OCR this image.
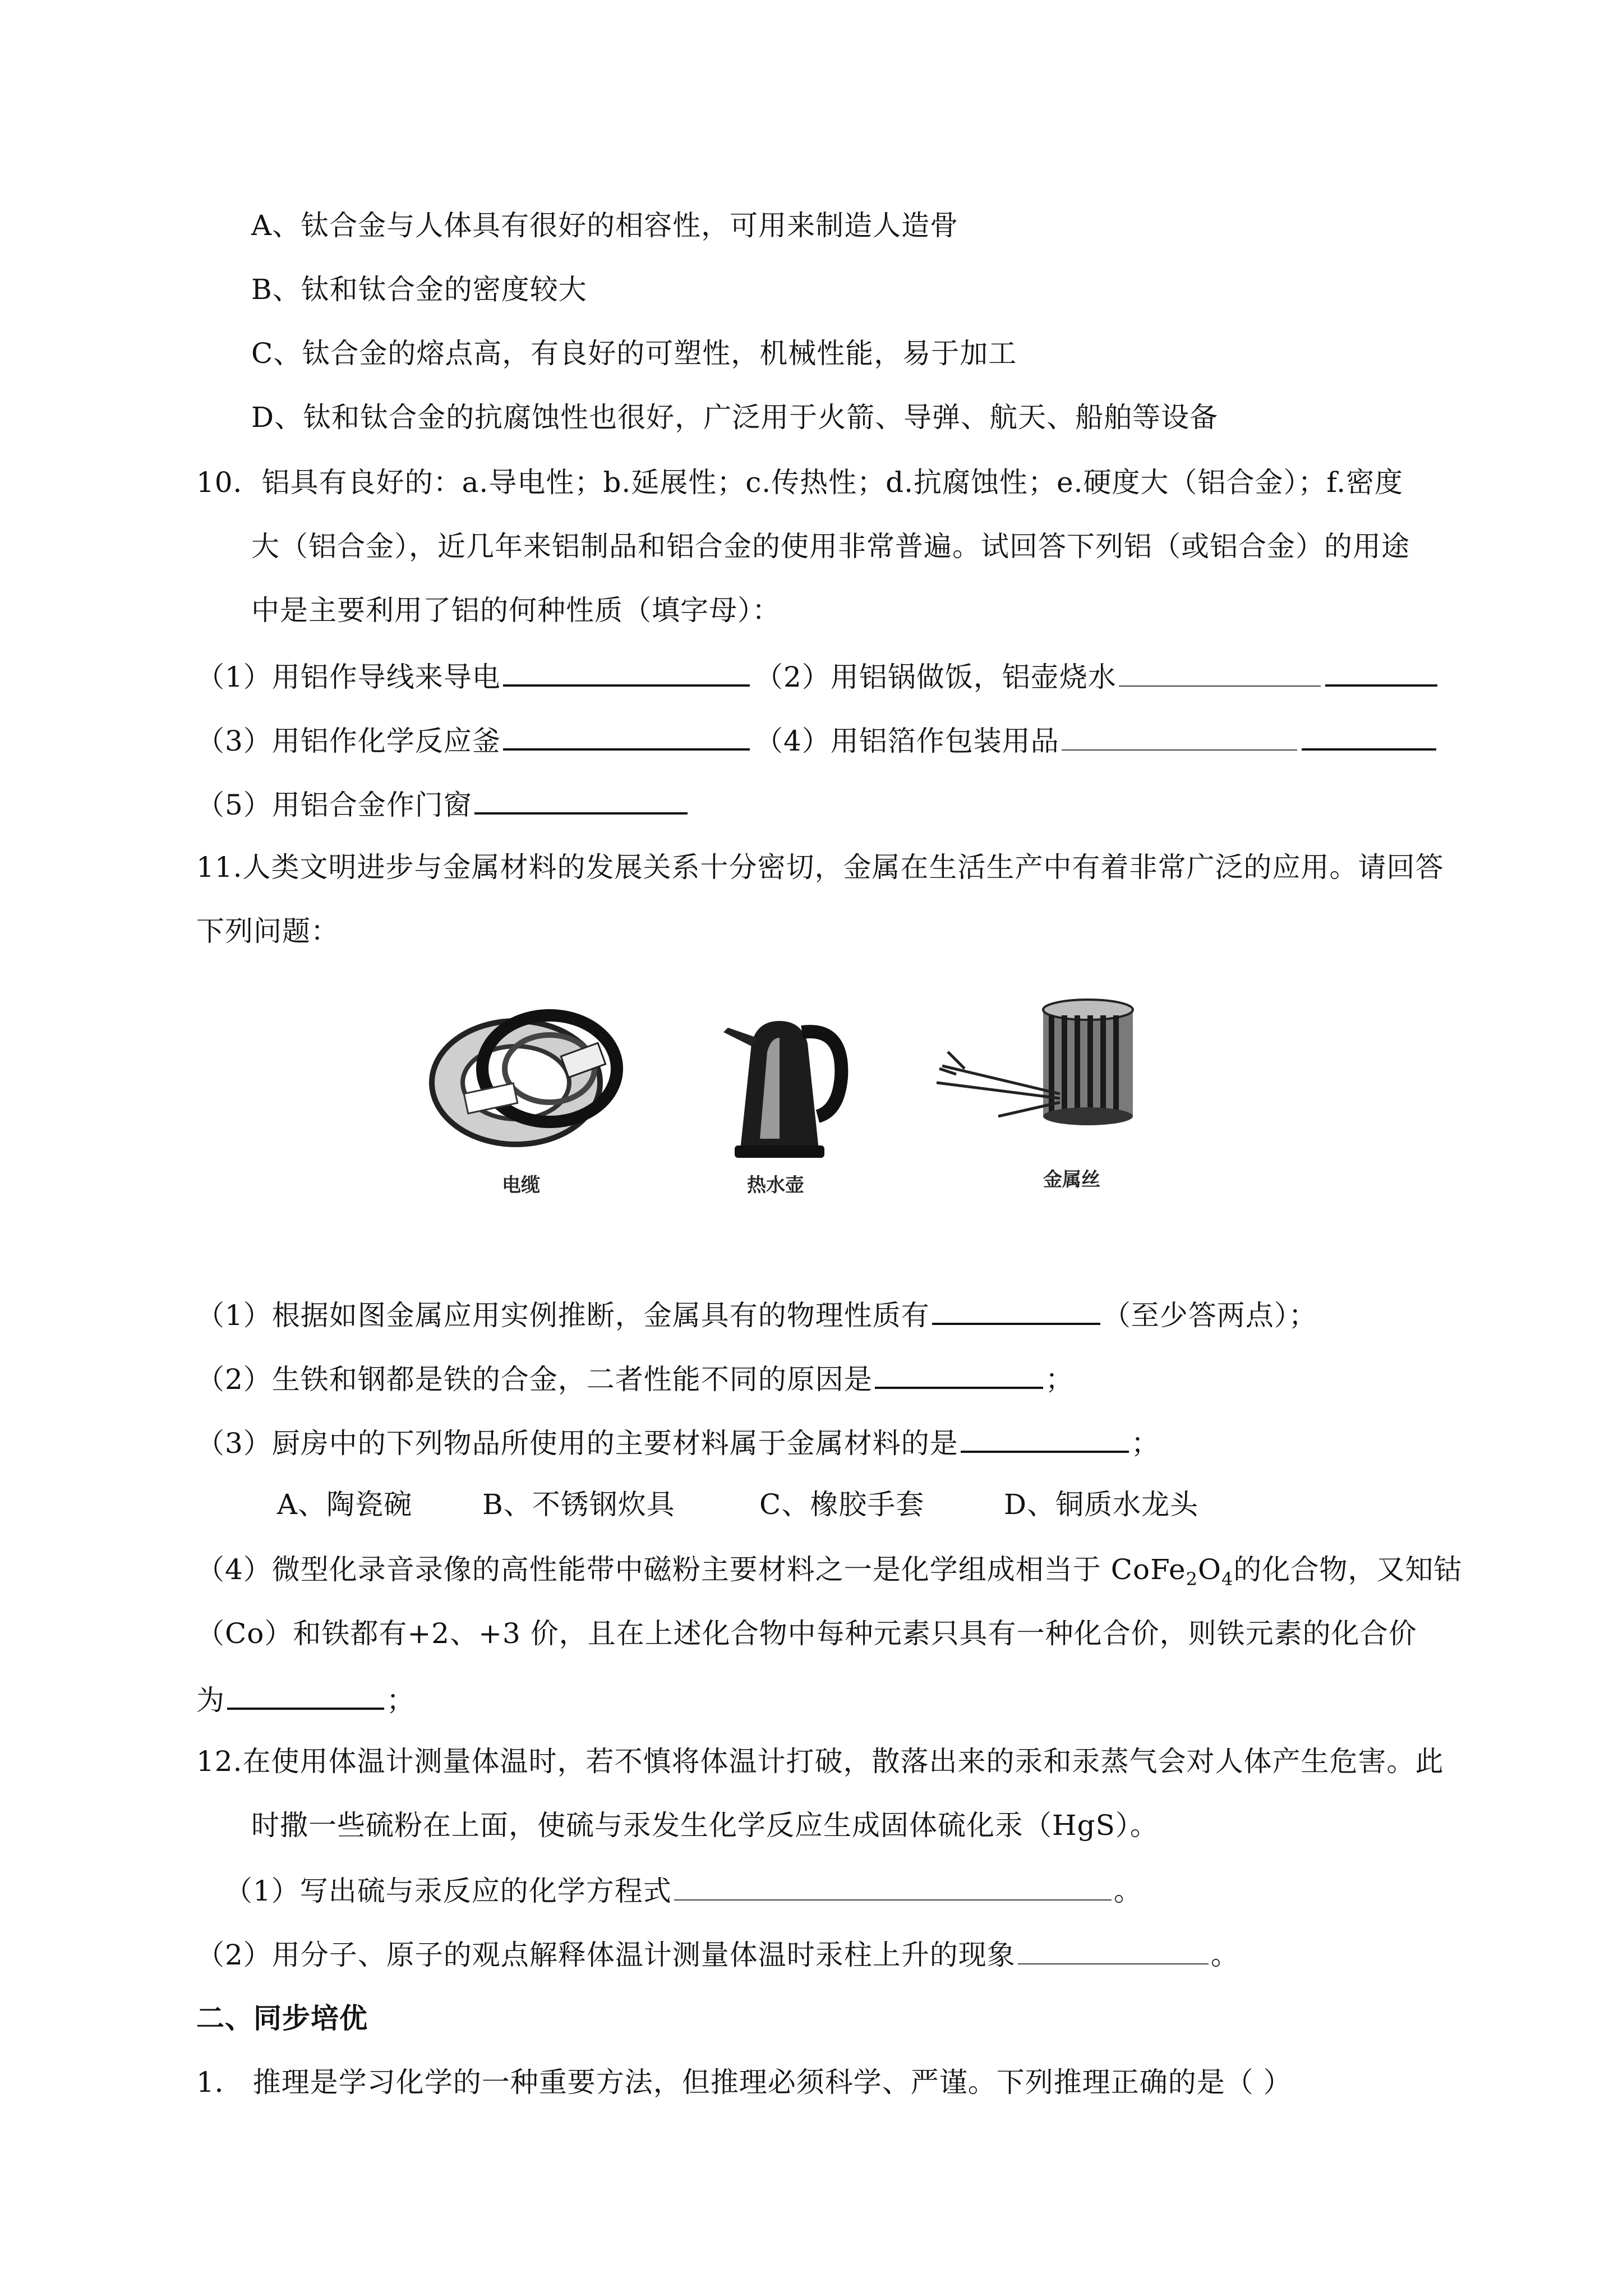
A、钛合金与人体具有很好的相容性，可用来制造人造骨
B、钛和钛合金的密度较大
C、钛合金的熔点高，有良好的可塑性，机械性能，易于加工
D、钛和钛合金的抗腐蚀性也很好，广泛用于火箭、导弹、航天、船舶等设备
10．铝具有良好的：a.导电性；b.延展性；c.传热性；d.抗腐蚀性；e.硬度大（铝合金）；f.密度
大（铝合金），近几年来铝制品和铝合金的使用非常普遍。试回答下列铝（或铝合金）的用途
中是主要利用了铝的何种性质（填字母）：
（1）用铝作导线来导电	（2）用铝锅做饭，铝壶烧水
（3）用铝作化学反应釜	（4）用铝箔作包装用品
（5）用铝合金作门窗
11.人类文明进步与金属材料的发展关系十分密切，金属在生活生产中有着非常广泛的应用。请回答
下列问题：
电缆	热水壶	金属丝
（1）根据如图金属应用实例推断，金属具有的物理性质有	（至少答两点）；
（2）生铁和钢都是铁的合金，二者性能不同的原因是	；
（3）厨房中的下列物品所使用的主要材料属于金属材料的是	；
A、陶瓷碗 B、不锈钢炊具	C、橡胶手套	D、铜质水龙头
（4）微型化录音录像的高性能带中磁粉主要材料之一是化学组成相当于 $CoFe_2O_4$的化合物，又知钴
（Co）和铁都有+2、+3 价，且在上述化合物中每种元素只具有一种化合价，则铁元素的化合价
为	；
12.在使用体温计测量体温时，若不慎将体温计打破，散落出来的汞和汞蒸气会对人体产生危害。此
时撒一些硫粉在上面，使硫与汞发生化学反应生成固体硫化汞（HgS）。
（1）写出硫与汞反应的化学方程式	。
（2）用分子、原子的观点解释体温计测量体温时汞柱上升的现象	。
二、同步培优
1． 推理是学习化学的一种重要方法，但推理必须科学、严谨。下列推理正确的是（ ）
